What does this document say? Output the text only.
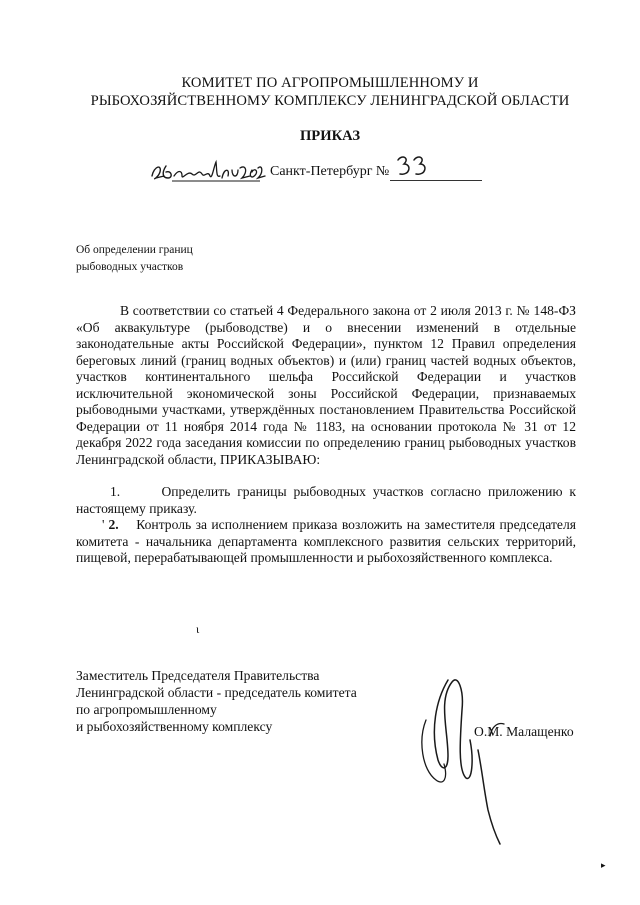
КОМИТЕТ ПО АГРОПРОМЫШЛЕННОМУ И
РЫБОХОЗЯЙСТВЕННОМУ КОМПЛЕКСУ ЛЕНИНГРАДСКОЙ ОБЛАСТИ
ПРИКАЗ
Санкт-Петербург №
Об определении границ
рыбоводных участков

В соответствии со статьей 4 Федерального закона от 2 июля 2013 г. № 148-ФЗ «Об аквакультуре (рыбоводстве) и о внесении изменений в отдельные законодательные акты Российской Федерации», пунктом 12 Правил определения береговых линий (границ водных объектов) и (или) границ частей водных объектов, участков континентального шельфа Российской Федерации и участков исключительной экономической зоны Российской Федерации, признаваемых рыбоводными участками, утверждённых постановлением Правительства Российской Федерации от 11 ноября 2014 года № 1183, на основании протокола № 31 от 12 декабря 2022 года заседания комиссии по определению границ рыбоводных участков Ленинградской области, ПРИКАЗЫВАЮ:

1.	Определить границы рыбоводных участков согласно приложению к настоящему приказу.

' 2. Контроль за исполнением приказа возложить на заместителя председателя комитета - начальника департамента комплексного развития сельских территорий, пищевой, перерабатывающей промышленности и рыбохозяйственного комплекса.

ι

Заместитель Председателя Правительства

Ленинградской области - председатель комитета

по агропромышленному

и рыбохозяйственному комплексу	О.М. Малащенко
▸
